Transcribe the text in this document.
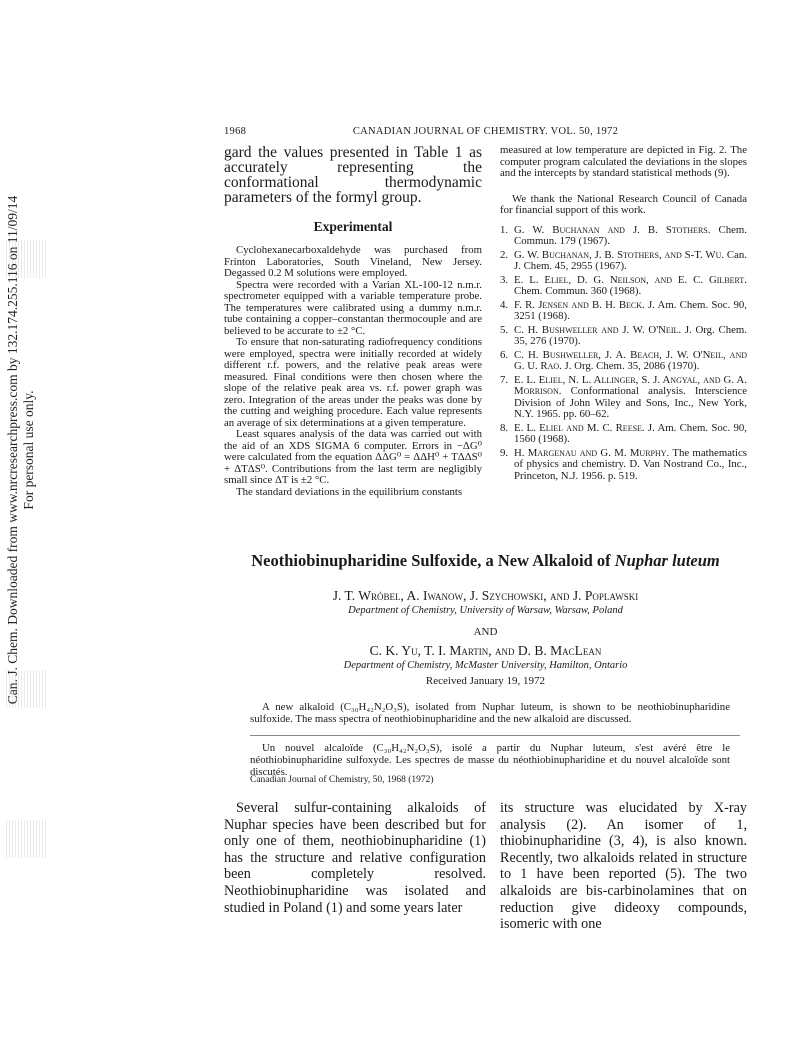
Can. J. Chem. Downloaded from www.nrcresearchpress.com by 132.174.255.116 on 11/09/14 For personal use only.
1968	CANADIAN JOURNAL OF CHEMISTRY. VOL. 50, 1972
gard the values presented in Table 1 as accurately representing the conformational thermodynamic parameters of the formyl group.
Experimental

Cyclohexanecarboxaldehyde was purchased from Frinton Laboratories, South Vineland, New Jersey. Degassed 0.2 M solutions were employed.

Spectra were recorded with a Varian XL-100-12 n.m.r. spectrometer equipped with a variable temperature probe. The temperatures were calibrated using a dummy n.m.r. tube containing a copper–constantan thermocouple and are believed to be accurate to ±2 °C.

To ensure that non-saturating radiofrequency conditions were employed, spectra were initially recorded at widely different r.f. powers, and the relative peak areas were measured. Final conditions were then chosen where the slope of the relative peak area vs. r.f. power graph was zero. Integration of the areas under the peaks was done by the cutting and weighing procedure. Each value represents an average of six determinations at a given temperature.

Least squares analysis of the data was carried out with the aid of an XDS SIGMA 6 computer. Errors in −ΔG⁰ were calculated from the equation ΔΔG⁰ = ΔΔH⁰ + TΔΔS⁰ + ΔTΔS⁰. Contributions from the last term are negligibly small since ΔT is ±2 °C.

The standard deviations in the equilibrium constants

measured at low temperature are depicted in Fig. 2. The computer program calculated the deviations in the slopes and the intercepts by standard statistical methods (9).

We thank the National Research Council of Canada for financial support of this work.

1. G. W. Buchanan and J. B. Stothers. Chem. Commun. 179 (1967).
2. G. W. Buchanan, J. B. Stothers, and S-T. Wu. Can. J. Chem. 45, 2955 (1967).
3. E. L. Eliel, D. G. Neilson, and E. C. Gilbert. Chem. Commun. 360 (1968).
4. F. R. Jensen and B. H. Beck. J. Am. Chem. Soc. 90, 3251 (1968).
5. C. H. Bushweller and J. W. O'Neil. J. Org. Chem. 35, 276 (1970).
6. C. H. Bushweller, J. A. Beach, J. W. O'Neil, and G. U. Rao. J. Org. Chem. 35, 2086 (1970).
7. E. L. Eliel, N. L. Allinger, S. J. Angyal, and G. A. Morrison. Conformational analysis. Interscience Division of John Wiley and Sons, Inc., New York, N.Y. 1965. pp. 60–62.
8. E. L. Eliel and M. C. Reese. J. Am. Chem. Soc. 90, 1560 (1968).
9. H. Margenau and G. M. Murphy. The mathematics of physics and chemistry. D. Van Nostrand Co., Inc., Princeton, N.J. 1956. p. 519.
Neothiobinupharidine Sulfoxide, a New Alkaloid of Nuphar luteum
J. T. Wróbel, A. Iwanow, J. Szychowski, and J. Poplawski
Department of Chemistry, University of Warsaw, Warsaw, Poland
AND
C. K. Yu, T. I. Martin, and D. B. MacLean
Department of Chemistry, McMaster University, Hamilton, Ontario
Received January 19, 1972
A new alkaloid (C₃₀H₄₂N₂O₃S), isolated from Nuphar luteum, is shown to be neothiobinupharidine sulfoxide. The mass spectra of neothiobinupharidine and the new alkaloid are discussed.
Un nouvel alcaloïde (C₃₀H₄₂N₂O₃S), isolé a partir du Nuphar luteum, s'est avéré être le néothiobinupharidine sulfoxyde. Les spectres de masse du néothiobinupharidine et du nouvel alcaloïde sont discutés.
Canadian Journal of Chemistry, 50, 1968 (1972)
Several sulfur-containing alkaloids of Nuphar species have been described but for only one of them, neothiobinupharidine (1) has the structure and relative configuration been completely resolved. Neothiobinupharidine was isolated and studied in Poland (1) and some years later
its structure was elucidated by X-ray analysis (2). An isomer of 1, thiobinupharidine (3, 4), is also known. Recently, two alkaloids related in structure to 1 have been reported (5). The two alkaloids are bis-carbinolamines that on reduction give dideoxy compounds, isomeric with one
